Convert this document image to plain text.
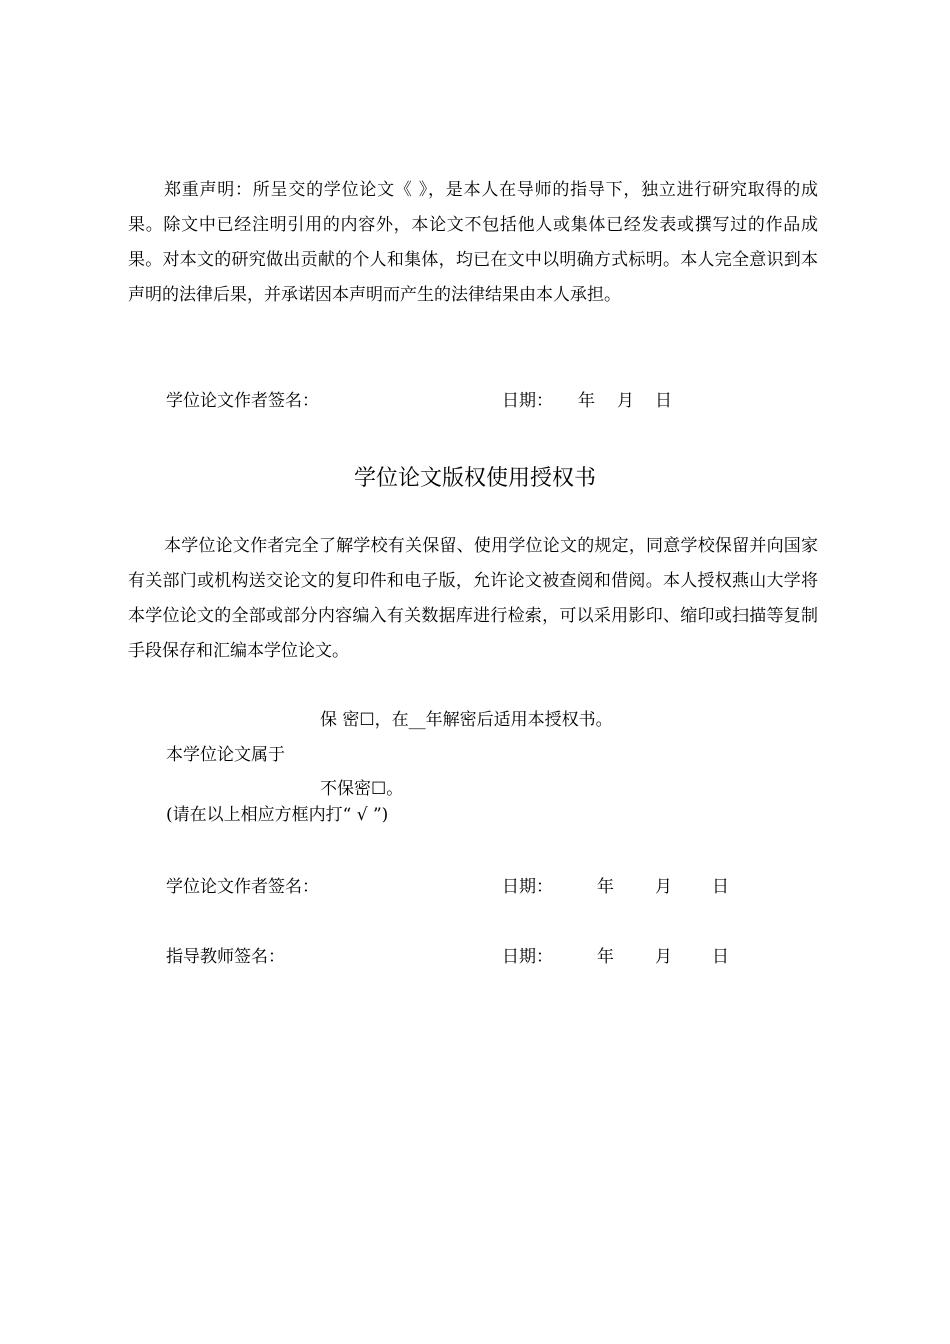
郑重声明：所呈交的学位论文《 》，是本人在导师的指导下，独立进行研究取得的成果。除文中已经注明引用的内容外，本论文不包括他人或集体已经发表或撰写过的作品成果。对本文的研究做出贡献的个人和集体，均已在文中以明确方式标明。本人完全意识到本声明的法律后果，并承诺因本声明而产生的法律结果由本人承担。

学位论文作者签名：	日期： 年 月 日
学位论文版权使用授权书

本学位论文作者完全了解学校有关保留、使用学位论文的规定，同意学校保留并向国家有关部门或机构送交论文的复印件和电子版，允许论文被查阅和借阅。本人授权燕山大学将本学位论文的全部或部分内容编入有关数据库进行检索，可以采用影印、缩印或扫描等复制手段保存和汇编本学位论文。

保 密☐，在__年解密后适用本授权书。
本学位论文属于
不保密☐。
(请在以上相应方框内打“ √ ”)
学位论文作者签名：	日期：	年 月 日
指导教师签名：	日期：	年 月 日
